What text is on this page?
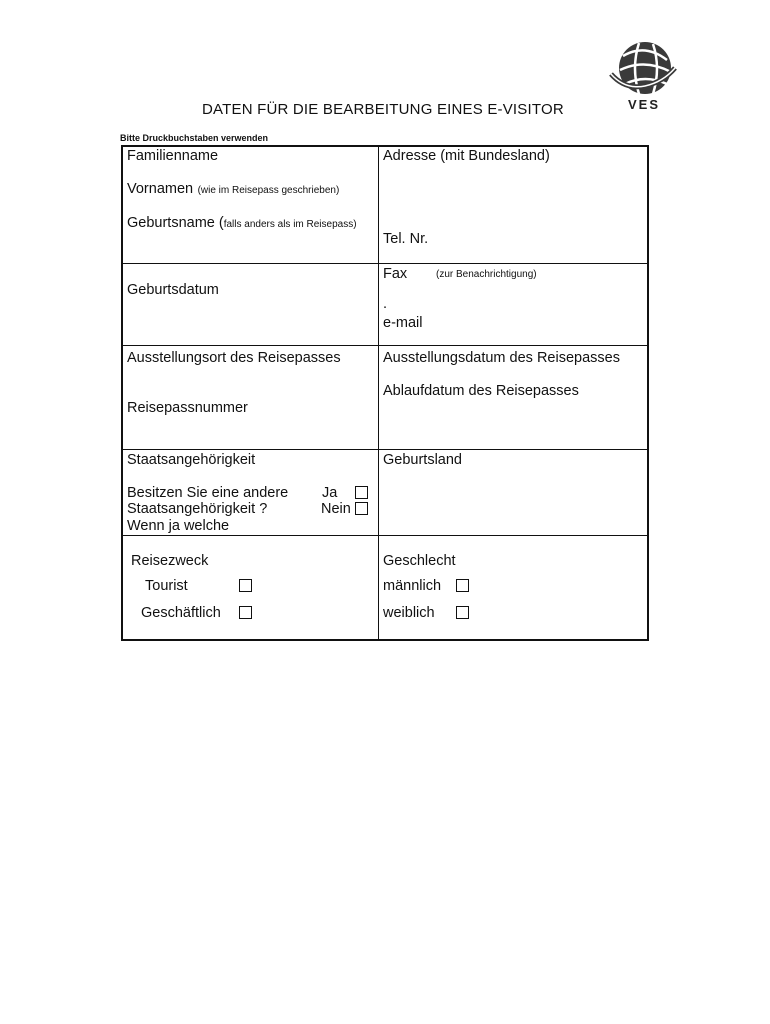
VES
DATEN FÜR DIE BEARBEITUNG EINES E-VISITOR
Bitte Druckbuchstaben verwenden
Familienname
Vornamen (wie im Reisepass geschrieben)
Geburtsname (falls anders als im Reisepass)
Geburtsdatum
Ausstellungsort des Reisepasses
Reisepassnummer
Staatsangehörigkeit
Besitzen Sie eine andere
Staatsangehörigkeit ?
Wenn ja welche
Ja
Nein
Reisezweck
Tourist
Geschäftlich
Adresse (mit Bundesland)
Tel. Nr.
Fax	(zur Benachrichtigung)
.
e-mail
Ausstellungsdatum des Reisepasses
Ablaufdatum des Reisepasses
Geburtsland
Geschlecht
männlich
weiblich
